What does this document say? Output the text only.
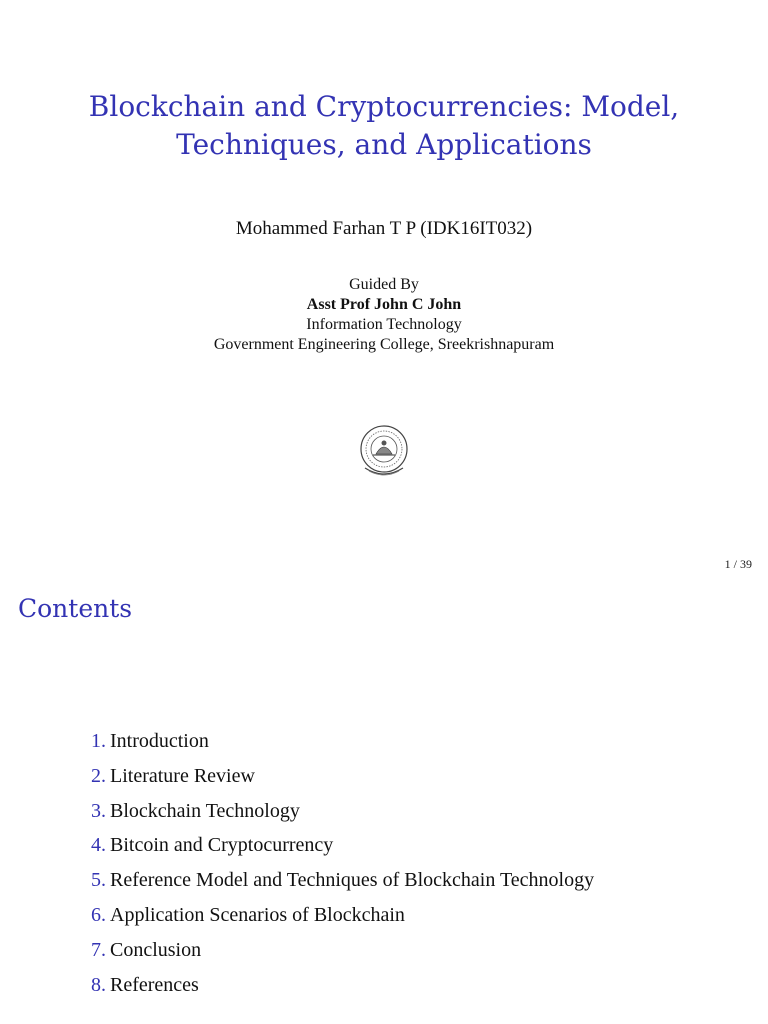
Blockchain and Cryptocurrencies: Model,
Techniques, and Applications
Mohammed Farhan T P (IDK16IT032)
Guided By
Asst Prof John C John
Information Technology
Government Engineering College, Sreekrishnapuram
1 / 39
Contents
1. Introduction
2. Literature Review
3. Blockchain Technology
4. Bitcoin and Cryptocurrency
5. Reference Model and Techniques of Blockchain Technology
6. Application Scenarios of Blockchain
7. Conclusion
8. References
